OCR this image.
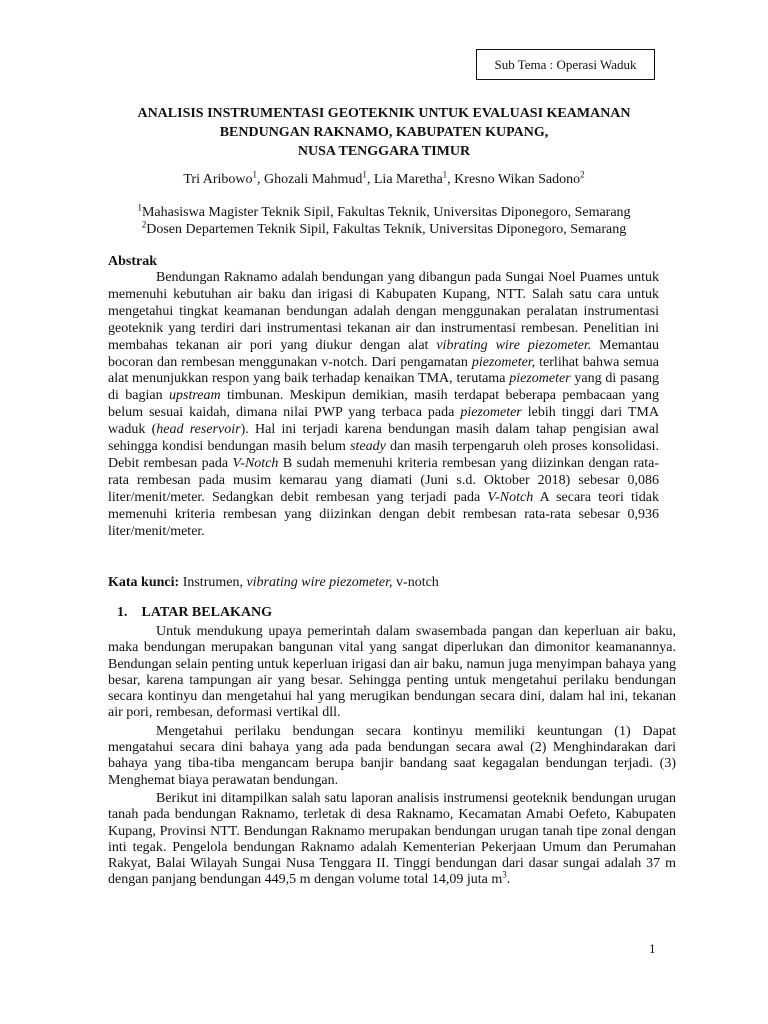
Sub Tema : Operasi Waduk
ANALISIS INSTRUMENTASI GEOTEKNIK UNTUK EVALUASI KEAMANAN
BENDUNGAN RAKNAMO, KABUPATEN KUPANG,
NUSA TENGGARA TIMUR
Tri Aribowo$^1$, Ghozali Mahmud$^1$, Lia Maretha$^1$, Kresno Wikan Sadono$^2$
$^1$Mahasiswa Magister Teknik Sipil, Fakultas Teknik, Universitas Diponegoro, Semarang
$^2$Dosen Departemen Teknik Sipil, Fakultas Teknik, Universitas Diponegoro, Semarang
Abstrak

Bendungan Raknamo adalah bendungan yang dibangun pada Sungai Noel Puames untuk memenuhi kebutuhan air baku dan irigasi di Kabupaten Kupang, NTT. Salah satu cara untuk mengetahui tingkat keamanan bendungan adalah dengan menggunakan peralatan instrumentasi geoteknik yang terdiri dari instrumentasi tekanan air dan instrumentasi rembesan. Penelitian ini membahas tekanan air pori yang diukur dengan alat vibrating wire piezometer. Memantau bocoran dan rembesan menggunakan v-notch. Dari pengamatan piezometer, terlihat bahwa semua alat menunjukkan respon yang baik terhadap kenaikan TMA, terutama piezometer yang di pasang di bagian upstream timbunan. Meskipun demikian, masih terdapat beberapa pembacaan yang belum sesuai kaidah, dimana nilai PWP yang terbaca pada piezometer lebih tinggi dari TMA waduk (head reservoir). Hal ini terjadi karena bendungan masih dalam tahap pengisian awal sehingga kondisi bendungan masih belum steady dan masih terpengaruh oleh proses konsolidasi. Debit rembesan pada V-Notch B sudah memenuhi kriteria rembesan yang diizinkan dengan rata-rata rembesan pada musim kemarau yang diamati (Juni s.d. Oktober 2018) sebesar 0,086 liter/menit/meter. Sedangkan debit rembesan yang terjadi pada V-Notch A secara teori tidak memenuhi kriteria rembesan yang diizinkan dengan debit rembesan rata-rata sebesar 0,936 liter/menit/meter.

Kata kunci: Instrumen, vibrating wire piezometer, v-notch
1. LATAR BELAKANG

Untuk mendukung upaya pemerintah dalam swasembada pangan dan keperluan air baku, maka bendungan merupakan bangunan vital yang sangat diperlukan dan dimonitor keamanannya. Bendungan selain penting untuk keperluan irigasi dan air baku, namun juga menyimpan bahaya yang besar, karena tampungan air yang besar. Sehingga penting untuk mengetahui perilaku bendungan secara kontinyu dan mengetahui hal yang merugikan bendungan secara dini, dalam hal ini, tekanan air pori, rembesan, deformasi vertikal dll.

Mengetahui perilaku bendungan secara kontinyu memiliki keuntungan (1) Dapat mengatahui secara dini bahaya yang ada pada bendungan secara awal (2) Menghindarakan dari bahaya yang tiba-tiba mengancam berupa banjir bandang saat kegagalan bendungan terjadi. (3) Menghemat biaya perawatan bendungan.

Berikut ini ditampilkan salah satu laporan analisis instrumensi geoteknik bendungan urugan tanah pada bendungan Raknamo, terletak di desa Raknamo, Kecamatan Amabi Oefeto, Kabupaten Kupang, Provinsi NTT. Bendungan Raknamo merupakan bendungan urugan tanah tipe zonal dengan inti tegak. Pengelola bendungan Raknamo adalah Kementerian Pekerjaan Umum dan Perumahan Rakyat, Balai Wilayah Sungai Nusa Tenggara II. Tinggi bendungan dari dasar sungai adalah 37 m dengan panjang bendungan 449,5 m dengan volume total 14,09 juta $m^3$.

1
